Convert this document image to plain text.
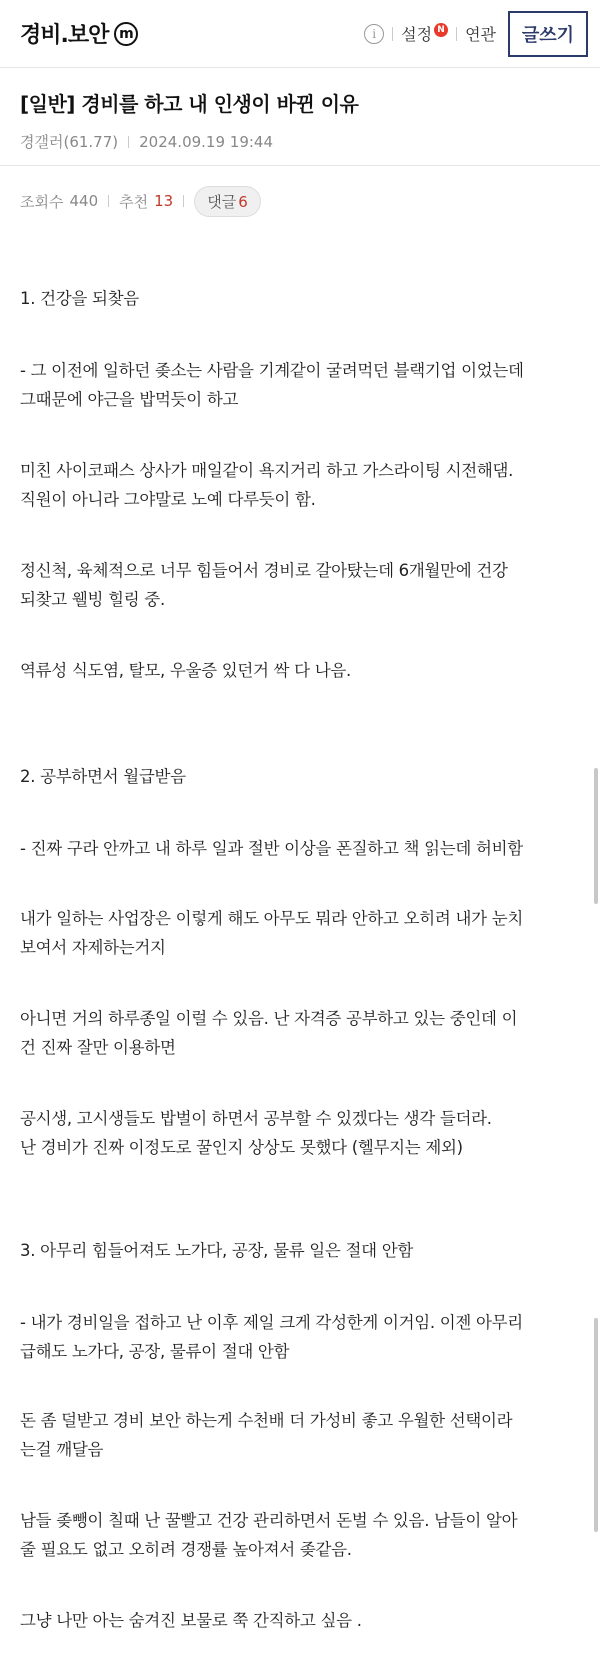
경비.보안 m	i	설정 N 연관	글쓰기
[일반] 경비를 하고 내 인생이 바뀐 이유
경갤러(61.77) 2024.09.19 19:44
조회수 440 추천 13	댓글 6

1. 건강을 되찾음

- 그 이전에 일하던 좆소는 사람을 기계같이 굴려먹던 블랙기업 이었는데

그때문에 야근을 밥먹듯이 하고

미친 사이코패스 상사가 매일같이 욕지거리 하고 가스라이팅 시전해댐.

직원이 아니라 그야말로 노예 다루듯이 함.

정신척, 육체적으로 너무 힘들어서 경비로 갈아탔는데 6개월만에 건강

되찾고 웰빙 힐링 중.

역류성 식도염, 탈모, 우울증 있던거 싹 다 나음.

2. 공부하면서 월급받음

- 진짜 구라 안까고 내 하루 일과 절반 이상을 폰질하고 책 읽는데 허비함

내가 일하는 사업장은 이렇게 해도 아무도 뭐라 안하고 오히려 내가 눈치

보여서 자제하는거지

아니면 거의 하루종일 이럴 수 있음. 난 자격증 공부하고 있는 중인데 이

건 진짜 잘만 이용하면

공시생, 고시생들도 밥벌이 하면서 공부할 수 있겠다는 생각 들더라.

난 경비가 진짜 이정도로 꿀인지 상상도 못했다 (헬무지는 제외)

3. 아무리 힘들어져도 노가다, 공장, 물류 일은 절대 안함

- 내가 경비일을 접하고 난 이후 제일 크게 각성한게 이거임. 이젠 아무리

급해도 노가다, 공장, 물류이 절대 안함

돈 좀 덜받고 경비 보안 하는게 수천배 더 가성비 좋고 우월한 선택이라

는걸 깨달음

남들 좆뺑이 칠때 난 꿀빨고 건강 관리하면서 돈벌 수 있음. 남들이 알아

줄 필요도 없고 오히려 경쟁률 높아져서 좆같음.

그냥 나만 아는 숨겨진 보물로 쭉 간직하고 싶음 .
